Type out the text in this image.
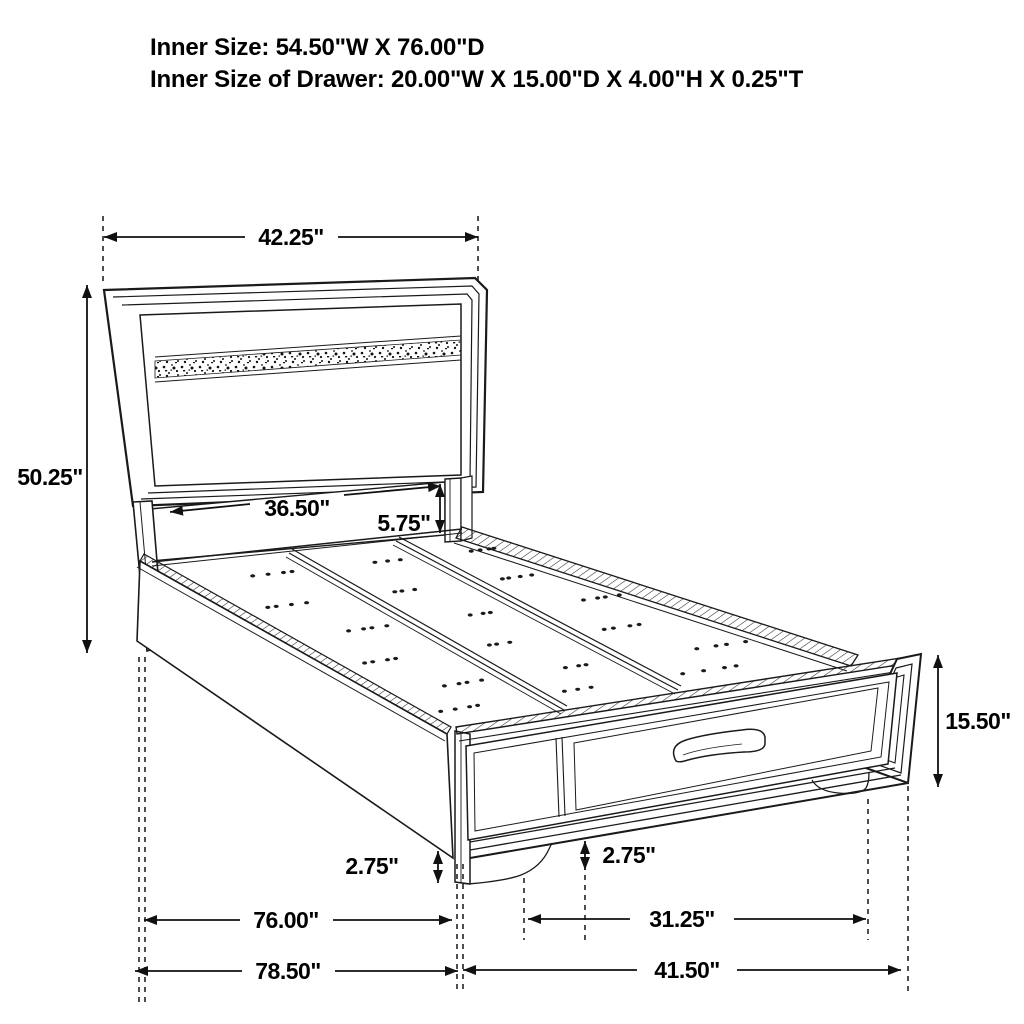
Inner Size: 54.50"W X 76.00"D
Inner Size of Drawer: 20.00"W X 15.00"D X 4.00"H X 0.25"T
42.25"
50.25"
36.50"
5.75"
15.50"
2.75"	2.75"
76.00"	31.25"
78.50"	41.50"
